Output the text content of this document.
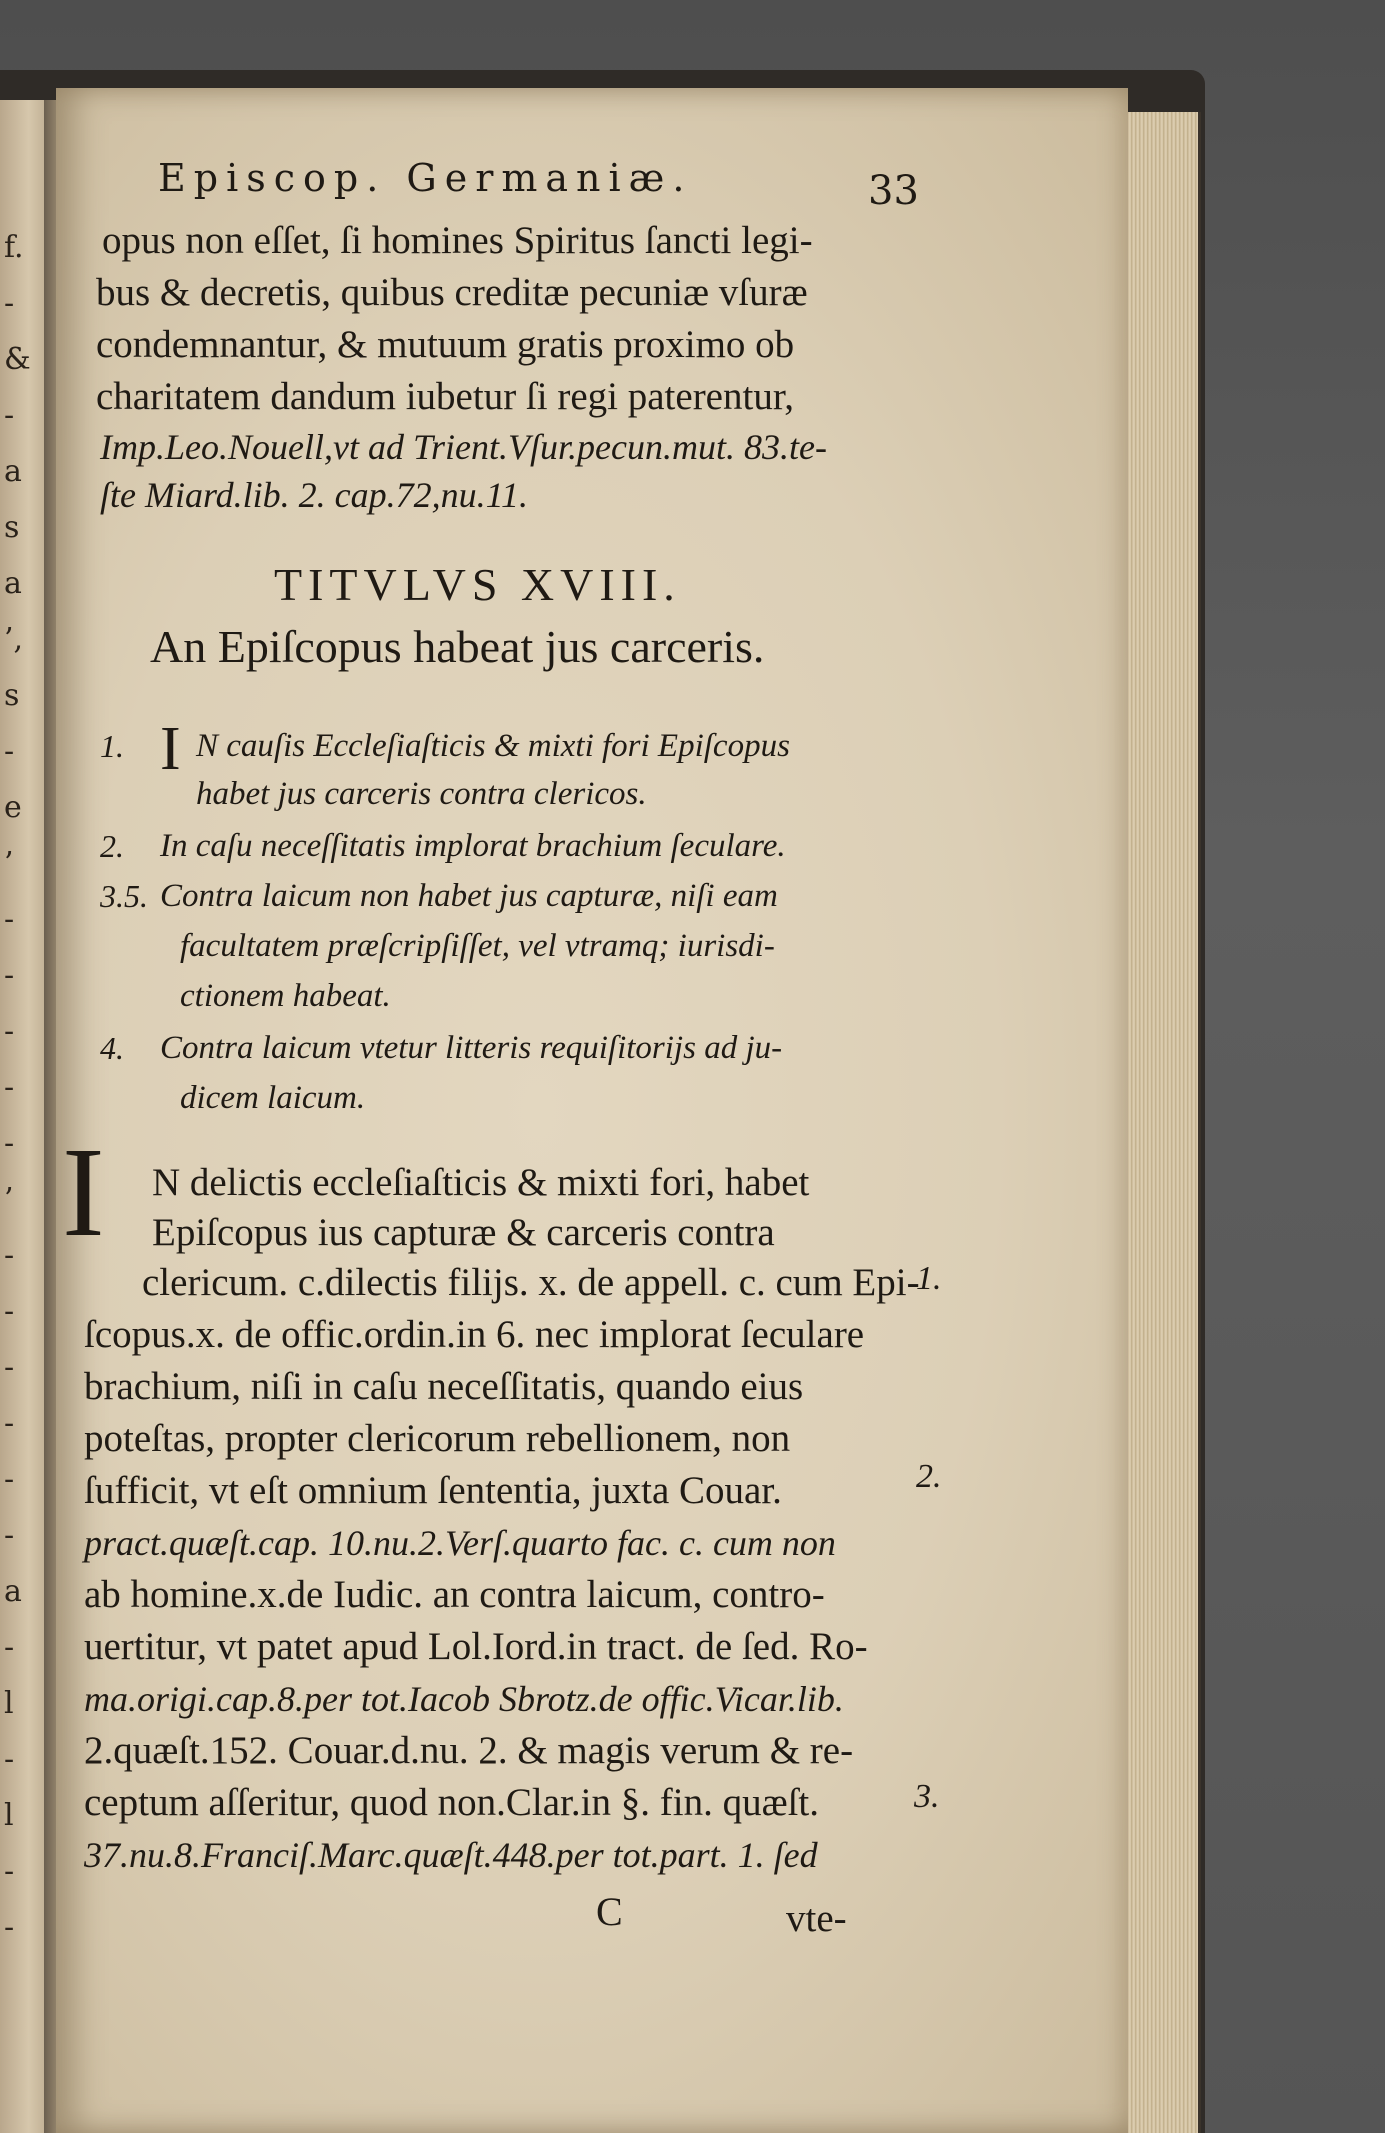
f.
-
&
-
a
s
a
’,
s
-
e
’
-
-
-
-
-
’
-
-
-
-
-
-
a
-
l
-
l
-
-
Episcop. Germaniæ.	33
opus non eſſet, ſi homines Spiritus ſancti legi-
bus & decretis, quibus creditæ pecuniæ vſuræ
condemnantur, & mutuum gratis proximo ob
charitatem dandum iubetur ſi regi paterentur,
Imp.Leo.Nouell,vt ad Trient.Vſur.pecun.mut. 83.te-
ſte Miard.lib. 2. cap.72,nu.11.
TITVLVS XVIII.
An Epiſcopus habeat jus carceris.
1. I N cauſis Eccleſiaſticis & mixti fori Epiſcopus
habet jus carceris contra clericos.
2. In caſu neceſſitatis implorat brachium ſeculare.
3.5. Contra laicum non habet jus capturæ, niſi eam
facultatem præſcripſiſſet, vel vtramq; iurisdi-
ctionem habeat.
4. Contra laicum vtetur litteris requiſitorijs ad ju-
dicem laicum.
I N delictis eccleſiaſticis & mixti fori, habet
Epiſcopus ius capturæ & carceris contra
clericum. c.dilectis filijs. x. de appell. c. cum Epi-
ſcopus.x. de offic.ordin.in 6. nec implorat ſeculare
brachium, niſi in caſu neceſſitatis, quando eius
poteſtas, propter clericorum rebellionem, non
ſufficit, vt eſt omnium ſententia, juxta Couar.
pract.quæſt.cap. 10.nu.2.Verſ.quarto fac. c. cum non
ab homine.x.de Iudic. an contra laicum, contro-
uertitur, vt patet apud Lol.Iord.in tract. de ſed. Ro-
ma.origi.cap.8.per tot.Iacob Sbrotz.de offic.Vicar.lib.
2.quæſt.152. Couar.d.nu. 2. & magis verum & re-
ceptum aſſeritur, quod non.Clar.in §. fin. quæſt.
37.nu.8.Franciſ.Marc.quæſt.448.per tot.part. 1. ſed
1.
2.
3.
C	vte-
